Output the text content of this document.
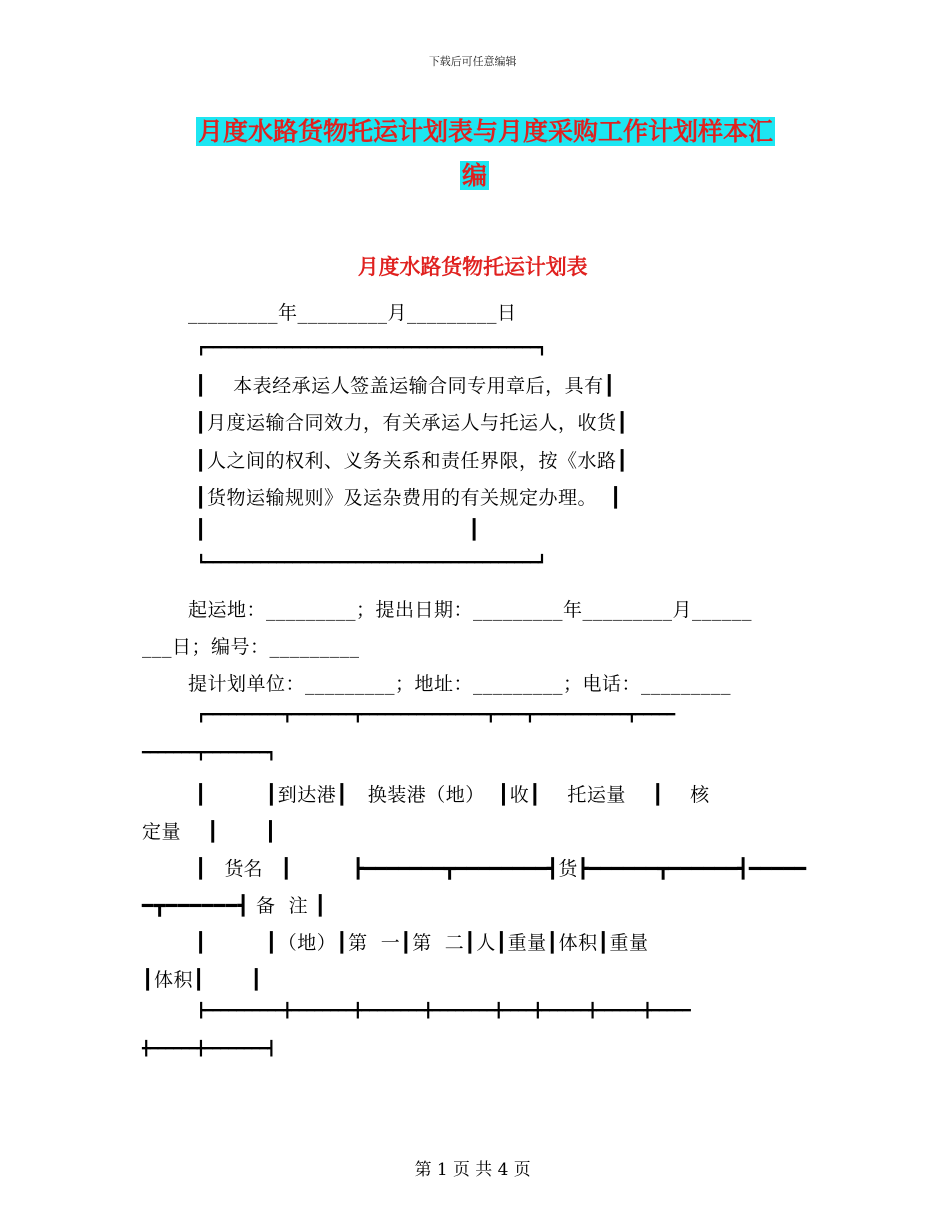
下载后可任意编辑
月度水路货物托运计划表与月度采购工作计划样本汇
编
月度水路货物托运计划表
_________年_________月_________日
┏━━━━━━━━━━━━━━━━━━━━━━━━━━━━━━━━━━━━━━━━━━┓
┃    本表经承运人签盖运输合同专用章后，具有┃
┃月度运输合同效力，有关承运人与托运人，收货┃
┃人之间的权利、义务关系和责任界限，按《水路┃
┃货物运输规则》及运杂费用的有关规定办理。  ┃
┃                                        ┃
┗━━━━━━━━━━━━━━━━━━━━━━━━━━━━━━━━━━━━━━━━━━┛
起运地：_________；提出日期：_________年_________月______
___日；编号：_________
提计划单位：_________；地址：_________；电话：_________
┏━━━━━━━━━━┳━━━━━━━━┳━━━━━━━━━━━━━━━━┳━━━━┳━━━━━━━━━━━━┳━━━━━
━━━━━━━┳━━━━━━━━┓
┃         ┃到达港┃   换装港（地）  ┃收┃    托运量    ┃    核
定量    ┃       ┃
┃   货名   ┃          ┣━━━━━━━┳━━━━━━━━┫货┣━━━━━━┳━━━━━━┫━━━━━
━┳━━━━━━┫ 备  注 ┃
┃         ┃（地）┃第  一┃第  二┃人┃重量┃体积┃重量
┃体积┃       ┃
┣━━━━━━━━━━╋━━━━━━━━╋━━━━━━━━╋━━━━━━━━╋━━━━╋━━━━━━╋━━━━━━╋━━━━━
╋━━━━━━╋━━━━━━━━┫
第 1 页 共 4 页
